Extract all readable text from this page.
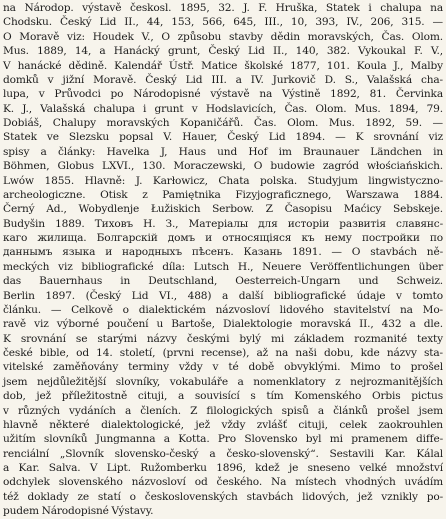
na Národop. výstavě českosl. 1895, 32. J. F. Hruška, Statek i chalupa na
Chodsku. Český Lid II., 44, 153, 566, 645, III., 10, 393, IV., 206, 315. —
O Moravě viz: Houdek V., O způsobu stavby dědin moravských, Čas. Olom.
Mus. 1889, 14, a Hanácký grunt, Český Lid II., 140, 382. Vykoukal F. V.,
V hanácké dědině. Kalendář Ústř. Matice školské 1877, 101. Koula J., Malby
domků v jižní Moravě. Český Lid III. a IV. Jurkovič D. S., Valašská cha-
lupa, v Průvodci po Národopisné výstavě na Výstině 1892, 81. Červinka
K. J., Valašská chalupa i grunt v Hodslavicích, Čas. Olom. Mus. 1894, 79.
Dobiáš, Chalupy moravských Kopaničářů. Čas. Olom. Mus. 1892, 59. —
Statek ve Slezsku popsal V. Hauer, Český Lid 1894. — K srovnání viz
spisy a články: Havelka J, Haus und Hof im Braunauer Ländchen in
Böhmen, Globus LXVI., 130. Moraczewski, O budowie zagród włościańskich.
Lwów 1855. Hlavně: J. Karłowicz, Chata polska. Studyjum lingwistyczno-
archeologiczne. Otisk z Pamiętnika Fizyjograficznego, Warszawa 1884.
Černý Ad., Wobydlenje Łužiskich Serbow. Z Časopisu Maćicy Sebskeje.
Budyšin 1889. Тиховъ Н. З., Матеріалы для исторіи развитія славянс-
каго жилища. Болгарскій домъ и относящіяся къ нему постройки по
даннымъ языка и народныхъ пѣсенъ. Казань 1891. — O stavbách ně-
meckých viz bibliografické díla: Lutsch H., Neuere Veröffentlichungen über
das Bauernhaus in Deutschland, Oesterreich-Ungarn und Schweiz.
Berlin 1897. (Český Lid VI., 488) a další bibliografické údaje v tomto
článku. — Celkově o dialektickém názvosloví lidového stavitelství na Mo-
ravě viz výborné poučení u Bartoše, Dialektologie moravská II., 432 a dle.
K srovnání se starými názvy českými bylý mi základem rozmanité texty
české bible, od 14. století, (prvni recense), až na naši dobu, kde názvy sta-
vitelské zaměňovány terminy vždy v té době obvyklými. Mimo to prošel
jsem nejdůležitější slovníky, vokabuláře a nomenklatory z nejrozmanitějších
dob, jež příležitostně cituji, a souvisící s tím Komenského Orbis pictus
v různých vydáních a členích. Z filologických spisů a článků prošel jsem
hlavně některé dialektologické, jež vždy zvlášť cituji, celek zaokrouhlen
užitím slovníků Jungmanna a Kotta. Pro Slovensko byl mi pramenem diffe-
renciální „Slovník slovensko-český a česko-slovenský“. Sestavili Kar. Kálal
a Kar. Salva. V Lipt. Ružomberku 1896, kdež je sneseno velké množství
odchylek slovenského názvosloví od českého. Na místech vhodných uvádím
též doklady ze statí o československých stavbách lidových, jež vznikly po-
pudem Národopisné Výstavy.
